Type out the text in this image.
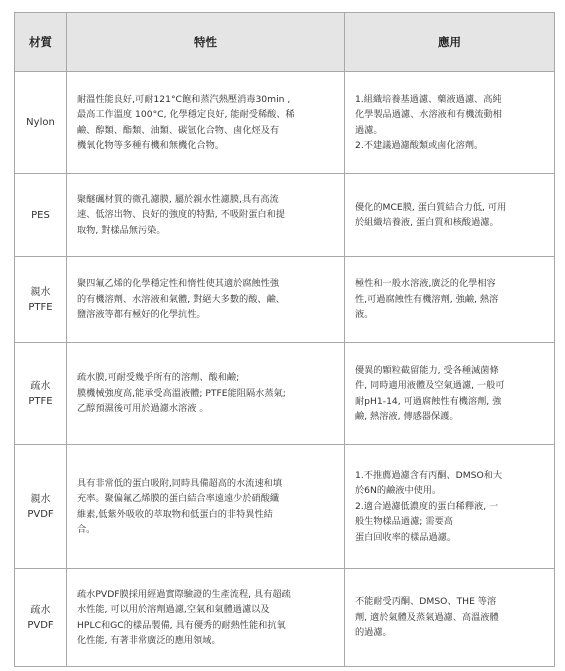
材質	特性	應用

Nylon	耐溫性能良好,可耐121°C飽和蒸汽熱壓消毒30min ,
最高工作溫度 100°C, 化學穩定良好, 能耐受稀酸、稀
鹼、醇類、酯類、油類、碳氫化合物、鹵化烴及有
機氧化物等多種有機和無機化合物。	1.組織培養基過濾、藥液過濾、高純
化學製品過濾、水溶液和有機流動相
過濾。
2.不建議過濾酸類或鹵化溶劑。

PES	聚醚碸材質的微孔濾膜, 屬於親水性濾膜,具有高流
速、低溶出物、良好的強度的特點, 不吸附蛋白和提
取物, 對樣品無污染。	優化的MCE膜, 蛋白質結合力低, 可用
於組織培養液, 蛋白質和核酸過濾。

親水
PTFE	聚四氟乙烯的化學穩定性和惰性使其適於腐蝕性強
的有機溶劑、水溶液和氣體, 對絕大多數的酸、鹼、
鹽溶液等都有極好的化學抗性。	極性和一般水溶液,廣泛的化學相容
性,可過腐蝕性有機溶劑, 強鹼, 熱溶
液。

疏水
PTFE	疏水膜,可耐受幾乎所有的溶劑、酸和鹼;
膜機械強度高,能承受高溫液體; PTFE能阻隔水蒸氣;
乙醇預濕後可用於過濾水溶液 。	優異的顆粒截留能力, 受各種滅菌條
件, 同時適用液體及空氣過濾, 一般可
耐pH1-14, 可過腐蝕性有機溶劑, 強
鹼, 熱溶液, 傳感器保護。

親水
PVDF	具有非常低的蛋白吸附,同時具備超高的水流速和填
充率。聚偏氟乙烯膜的蛋白結合率遠遠少於硝酸纖
維素,低紫外吸收的萃取物和低蛋白的非特異性結
合。	1.不推薦過濾含有丙酮、DMSO和大
於6N的鹼液中使用。
2.適合過濾低濃度的蛋白稀釋液, 一
般生物樣品過濾; 需要高
蛋白回收率的樣品過濾。

疏水
PVDF	疏水PVDF膜採用經過實際驗證的生產流程, 具有超疏
水性能, 可以用於溶劑過濾,空氣和氣體過濾以及
HPLC和GC的樣品製備, 具有優秀的耐熱性能和抗氧
化性能, 有著非常廣泛的應用領域。	不能耐受丙酮、DMSO、THE 等溶
劑, 適於氣體及蒸氣過濾、高溫液體
的過濾。
